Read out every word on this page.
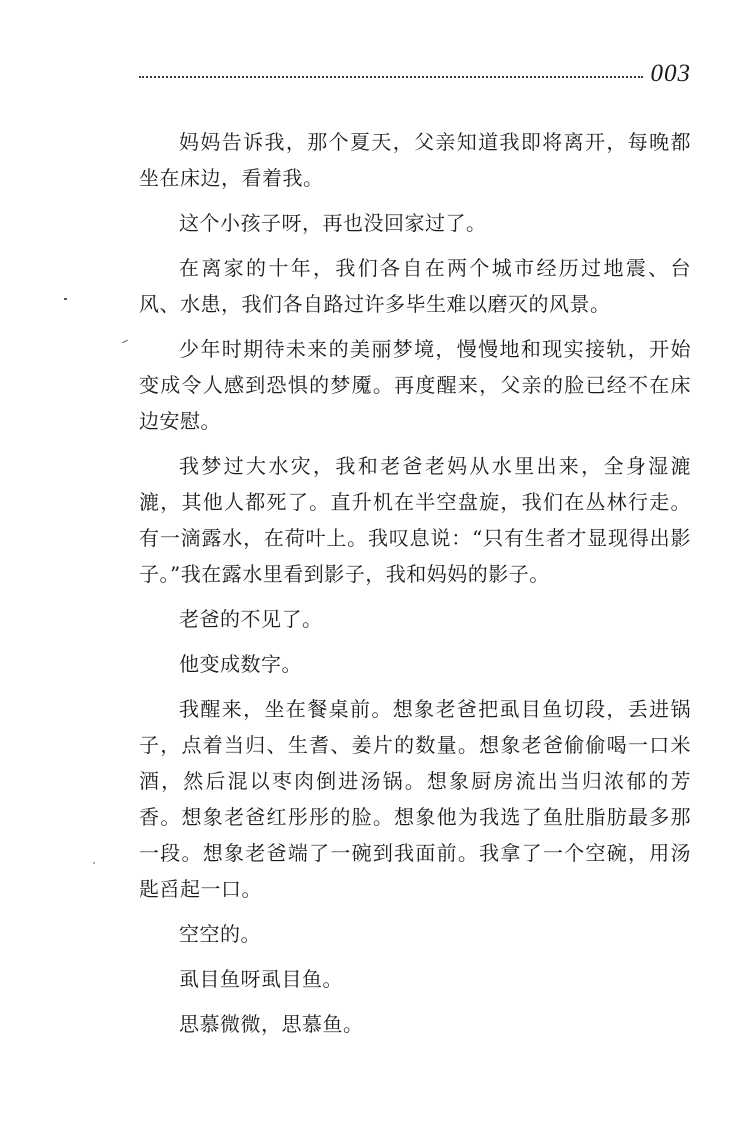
003

妈妈告诉我，那个夏天，父亲知道我即将离开，每晚都坐在床边，看着我。

这个小孩子呀，再也没回家过了。

在离家的十年，我们各自在两个城市经历过地震、台风、水患，我们各自路过许多毕生难以磨灭的风景。

少年时期待未来的美丽梦境，慢慢地和现实接轨，开始变成令人感到恐惧的梦魇。再度醒来，父亲的脸已经不在床边安慰。

我梦过大水灾，我和老爸老妈从水里出来，全身湿漉漉，其他人都死了。直升机在半空盘旋，我们在丛林行走。有一滴露水，在荷叶上。我叹息说：“只有生者才显现得出影子。”我在露水里看到影子，我和妈妈的影子。

老爸的不见了。

他变成数字。

我醒来，坐在餐桌前。想象老爸把虱目鱼切段，丢进锅子，点着当归、生耆、姜片的数量。想象老爸偷偷喝一口米酒，然后混以枣肉倒进汤锅。想象厨房流出当归浓郁的芳香。想象老爸红彤彤的脸。想象他为我选了鱼肚脂肪最多那一段。想象老爸端了一碗到我面前。我拿了一个空碗，用汤匙舀起一口。

空空的。

虱目鱼呀虱目鱼。

思慕微微，思慕鱼。
